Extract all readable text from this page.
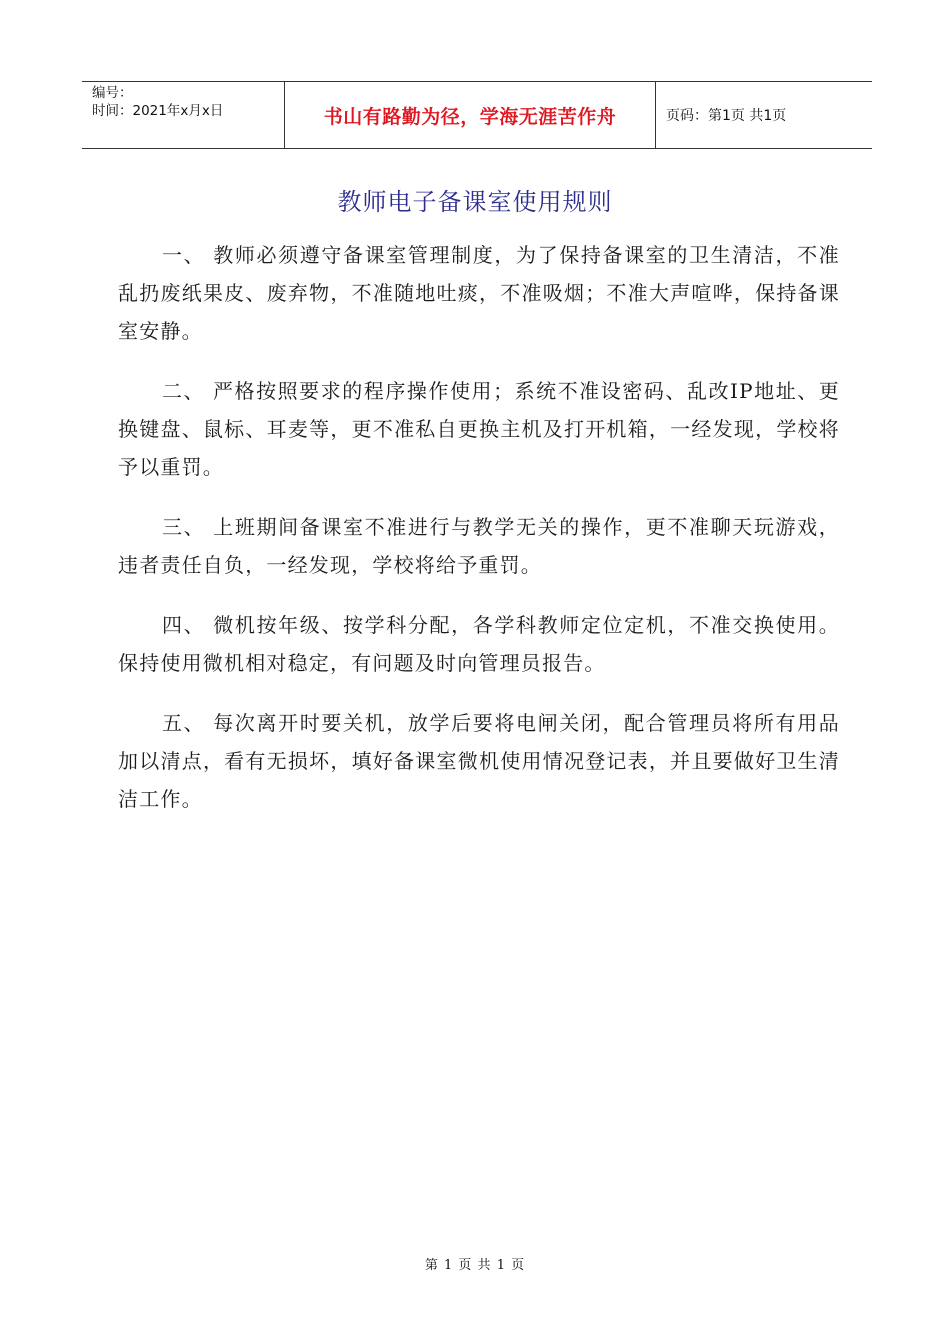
编号：
时间：2021年x月x日	书山有路勤为径，学海无涯苦作舟	页码：第1页 共1页
教师电子备课室使用规则

一、 教师必须遵守备课室管理制度，为了保持备课室的卫生清洁，不准乱扔废纸果皮、废弃物，不准随地吐痰，不准吸烟；不准大声喧哗，保持备课室安静。

二、 严格按照要求的程序操作使用；系统不准设密码、乱改IP地址、更换键盘、鼠标、耳麦等，更不准私自更换主机及打开机箱，一经发现，学校将予以重罚。

三、 上班期间备课室不准进行与教学无关的操作，更不准聊天玩游戏，违者责任自负，一经发现，学校将给予重罚。

四、 微机按年级、按学科分配，各学科教师定位定机，不准交换使用。保持使用微机相对稳定，有问题及时向管理员报告。

五、 每次离开时要关机，放学后要将电闸关闭，配合管理员将所有用品加以清点，看有无损坏，填好备课室微机使用情况登记表，并且要做好卫生清洁工作。

第 1 页 共 1 页
